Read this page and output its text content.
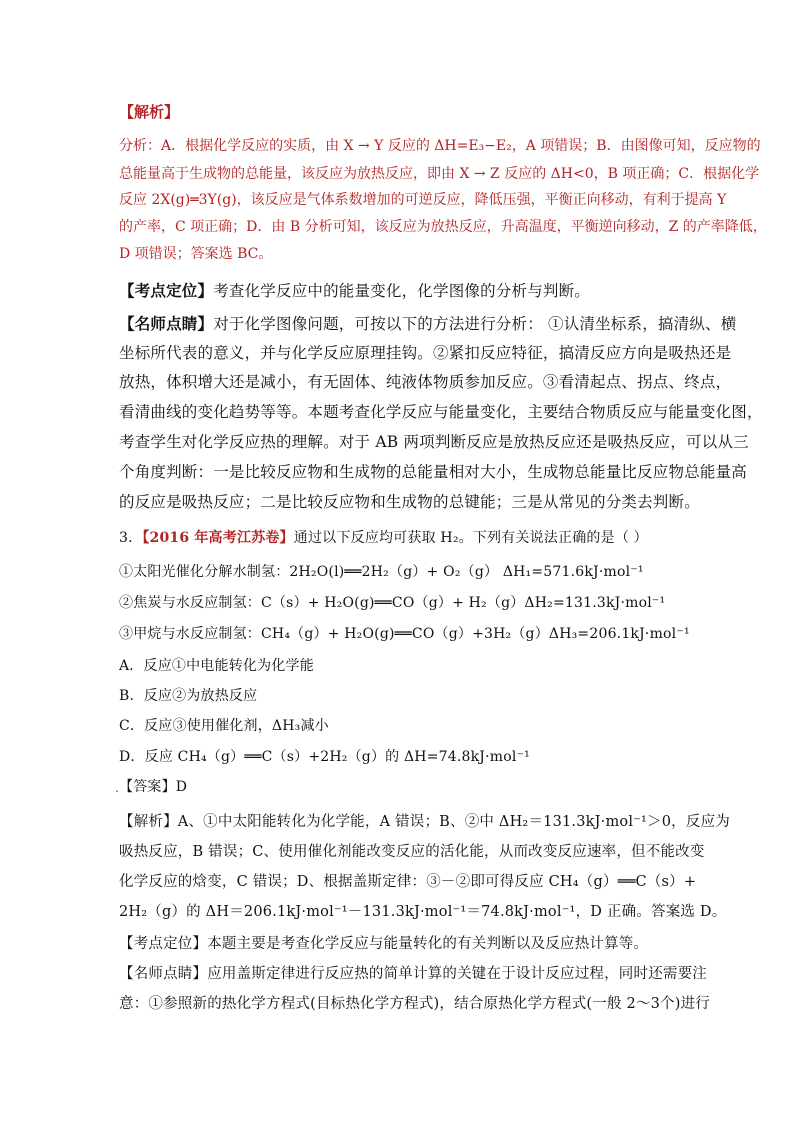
【解析】
分析：A．根据化学反应的实质，由 X → Y 反应的 ΔH=E₃−E₂，A 项错误；B．由图像可知，反应物的
总能量高于生成物的总能量，该反应为放热反应，即由 X → Z 反应的 ΔH<0，B 项正确；C．根据化学
反应 2X(g)═3Y(g)，该反应是气体系数增加的可逆反应，降低压强，平衡正向移动，有利于提高 Y
的产率，C 项正确；D．由 B 分析可知，该反应为放热反应，升高温度，平衡逆向移动，Z 的产率降低，
D 项错误；答案选 BC。
【考点定位】考查化学反应中的能量变化，化学图像的分析与判断。
【名师点睛】对于化学图像问题，可按以下的方法进行分析： ①认清坐标系，搞清纵、横
坐标所代表的意义，并与化学反应原理挂钩。②紧扣反应特征，搞清反应方向是吸热还是
放热，体积增大还是减小，有无固体、纯液体物质参加反应。③看清起点、拐点、终点，
看清曲线的变化趋势等等。本题考查化学反应与能量变化，主要结合物质反应与能量变化图，
考查学生对化学反应热的理解。对于 AB 两项判断反应是放热反应还是吸热反应，可以从三
个角度判断：一是比较反应物和生成物的总能量相对大小，生成物总能量比反应物总能量高
的反应是吸热反应；二是比较反应物和生成物的总键能；三是从常见的分类去判断。
3．【2016 年高考江苏卷】通过以下反应均可获取 H₂。下列有关说法正确的是（ ）
①太阳光催化分解水制氢：2H₂O(l)══2H₂（g）+ O₂（g） ΔH₁=571.6kJ·mol⁻¹
②焦炭与水反应制氢：C（s）+ H₂O(g)══CO（g）+ H₂（g）ΔH₂=131.3kJ·mol⁻¹
③甲烷与水反应制氢：CH₄（g）+ H₂O(g)══CO（g）+3H₂（g）ΔH₃=206.1kJ·mol⁻¹
A．反应①中电能转化为化学能
B．反应②为放热反应
C．反应③使用催化剂，ΔH₃减小
D．反应 CH₄（g）══C（s）+2H₂（g）的 ΔH=74.8kJ·mol⁻¹
. 【答案】D
【解析】A、①中太阳能转化为化学能，A 错误；B、②中 ΔH₂＝131.3kJ·mol⁻¹＞0，反应为
吸热反应，B 错误；C、使用催化剂能改变反应的活化能，从而改变反应速率，但不能改变
化学反应的焓变，C 错误；D、根据盖斯定律：③－②即可得反应 CH₄（g）══C（s）+
2H₂（g）的 ΔH＝206.1kJ·mol⁻¹－131.3kJ·mol⁻¹＝74.8kJ·mol⁻¹，D 正确。答案选 D。
【考点定位】本题主要是考查化学反应与能量转化的有关判断以及反应热计算等。
【名师点睛】应用盖斯定律进行反应热的简单计算的关键在于设计反应过程，同时还需要注
意：①参照新的热化学方程式(目标热化学方程式)，结合原热化学方程式(一般 2～3个)进行
